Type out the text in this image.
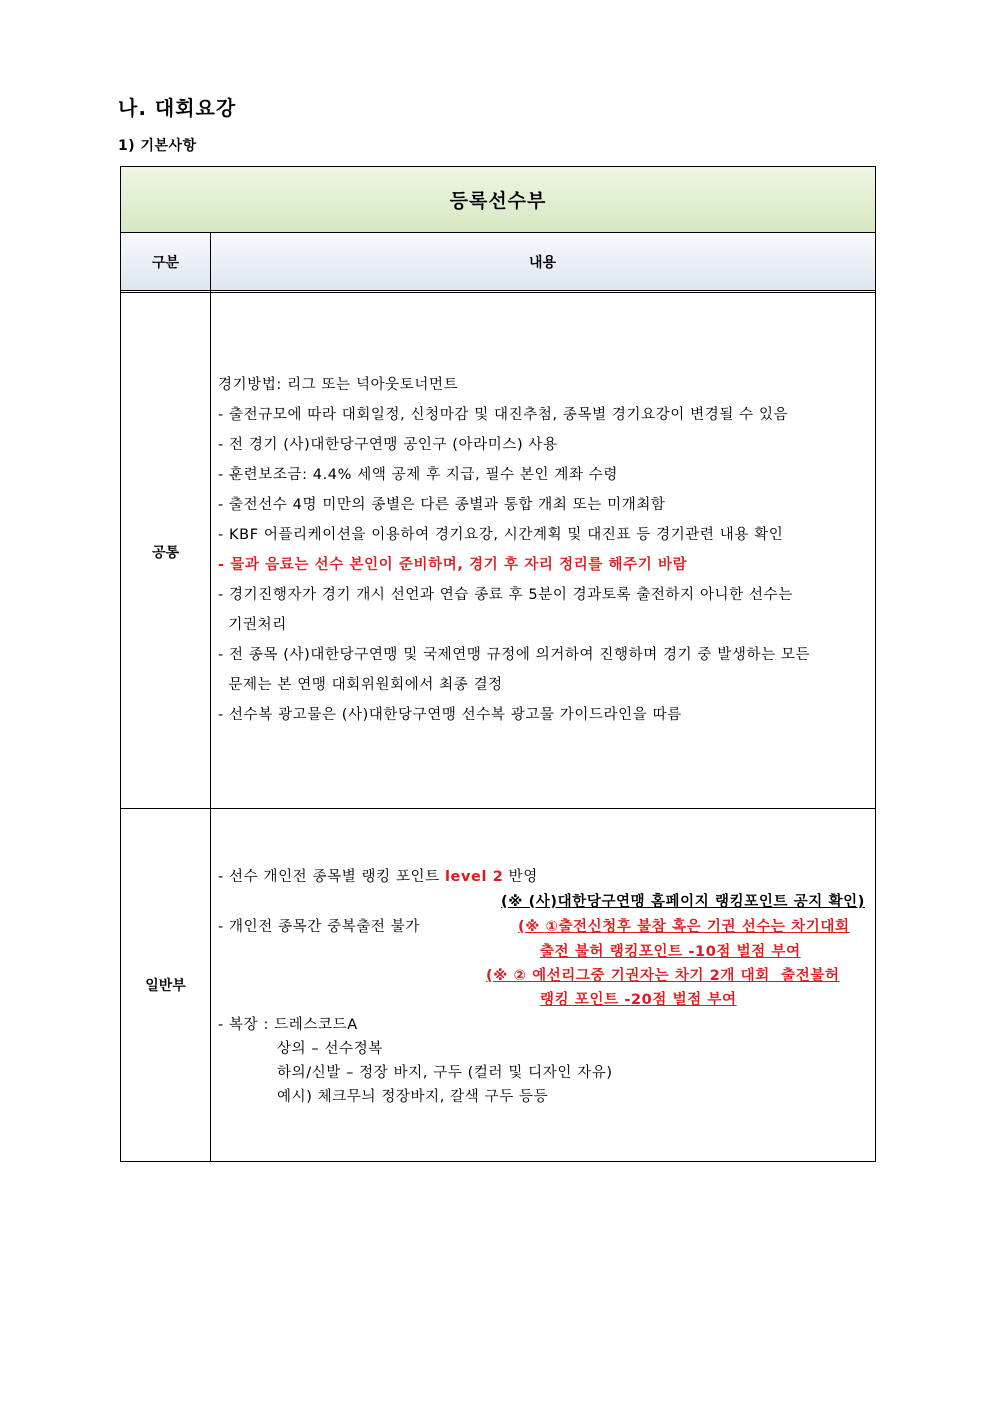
나. 대회요강
1) 기본사항
등록선수부
구분	내용
공통
경기방법: 리그 또는 넉아웃토너먼트
- 출전규모에 따라 대회일정, 신청마감 및 대진추첨, 종목별 경기요강이 변경될 수 있음
- 전 경기 (사)대한당구연맹 공인구 (아라미스) 사용
- 훈련보조금: 4.4% 세액 공제 후 지급, 필수 본인 계좌 수령
- 출전선수 4명 미만의 종별은 다른 종별과 통합 개최 또는 미개최함
- KBF 어플리케이션을 이용하여 경기요강, 시간계획 및 대진표 등 경기관련 내용 확인
- 물과 음료는 선수 본인이 준비하며, 경기 후 자리 정리를 해주기 바람
- 경기진행자가 경기 개시 선언과 연습 종료 후 5분이 경과토록 출전하지 아니한 선수는
기권처리
- 전 종목 (사)대한당구연맹 및 국제연맹 규정에 의거하여 진행하며 경기 중 발생하는 모든
문제는 본 연맹 대회위원회에서 최종 결정
- 선수복 광고물은 (사)대한당구연맹 선수복 광고물 가이드라인을 따름
일반부
- 선수 개인전 종목별 랭킹 포인트 level 2 반영
(※ (사)대한당구연맹 홈페이지 랭킹포인트 공지 확인)
- 개인전 종목간 중복출전 불가	(※ ①출전신청후 불참 혹은 기권 선수는 차기대회
출전 불허 랭킹포인트 -10점 벌점 부여
(※ ② 예선리그중 기권자는 차기 2개 대회  출전불허
랭킹 포인트 -20점 벌점 부여
- 복장 : 드레스코드A
상의 – 선수정복
하의/신발 – 정장 바지, 구두 (컬러 및 디자인 자유)
예시) 체크무늬 정장바지, 갈색 구두 등등
